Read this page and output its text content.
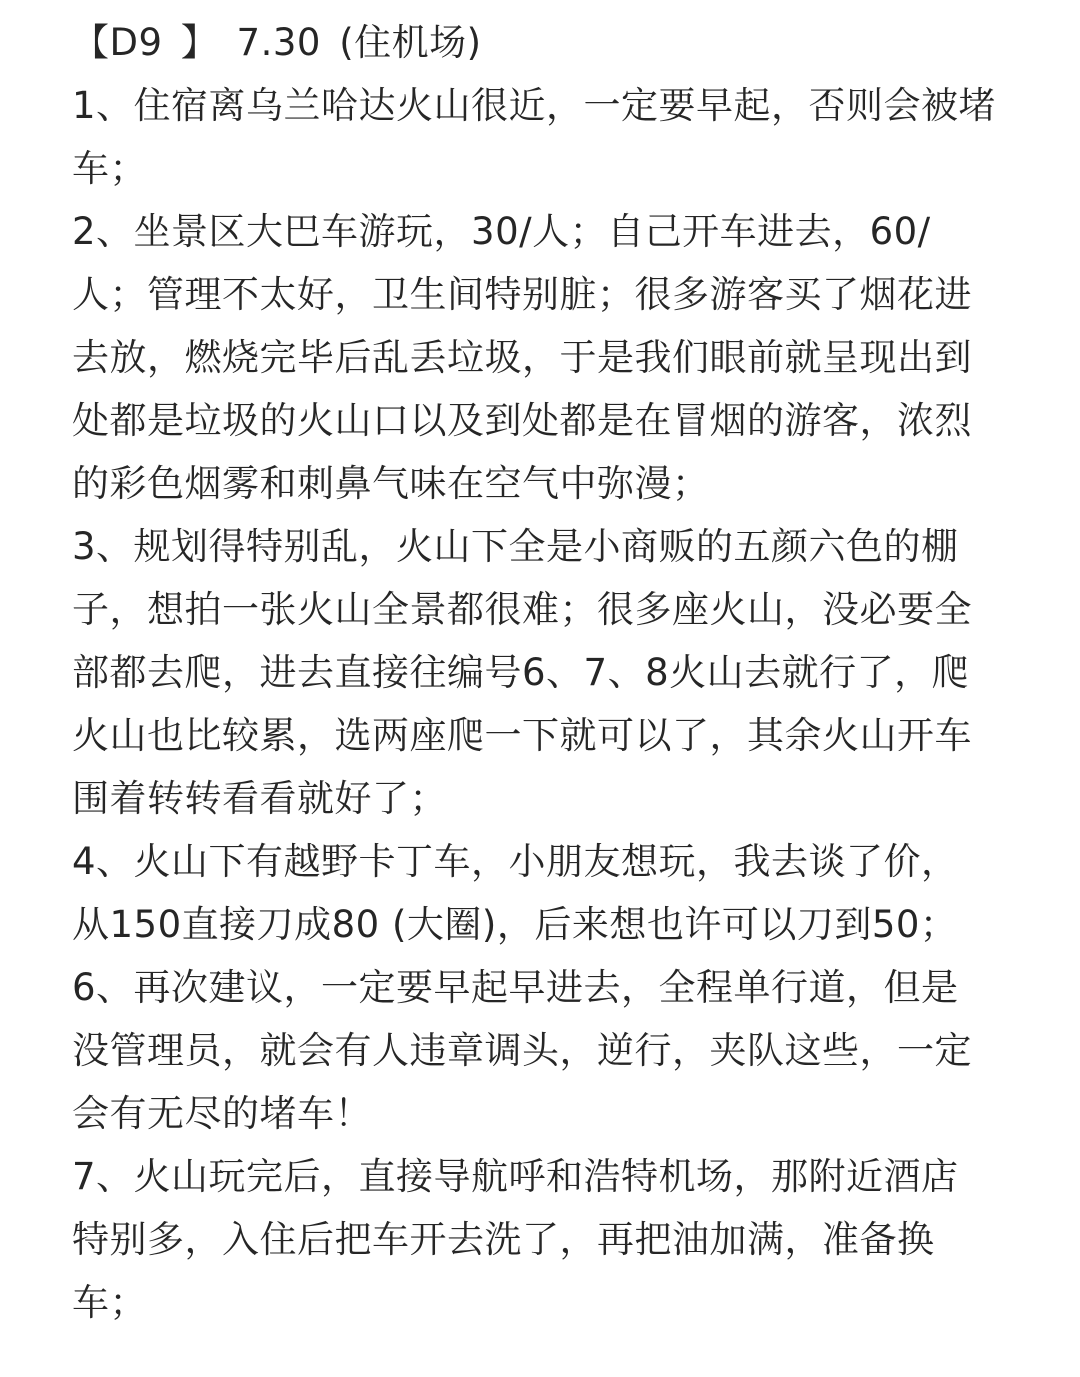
【D9 】 7.30 (住机场)
1、住宿离乌兰哈达火山很近，一定要早起，否则会被堵
车；
2、坐景区大巴车游玩，30/人；自己开车进去，60/
人；管理不太好，卫生间特别脏；很多游客买了烟花进
去放，燃烧完毕后乱丢垃圾，于是我们眼前就呈现出到
处都是垃圾的火山口以及到处都是在冒烟的游客，浓烈
的彩色烟雾和刺鼻气味在空气中弥漫；
3、规划得特别乱，火山下全是小商贩的五颜六色的棚
子，想拍一张火山全景都很难；很多座火山，没必要全
部都去爬，进去直接往编号6、7、8火山去就行了，爬
火山也比较累，选两座爬一下就可以了，其余火山开车
围着转转看看就好了；
4、火山下有越野卡丁车，小朋友想玩，我去谈了价，
从150直接刀成80 (大圈)，后来想也许可以刀到50；
6、再次建议，一定要早起早进去，全程单行道，但是
没管理员，就会有人违章调头，逆行，夹队这些，一定
会有无尽的堵车！
7、火山玩完后，直接导航呼和浩特机场，那附近酒店
特别多，入住后把车开去洗了，再把油加满，准备换
车；
